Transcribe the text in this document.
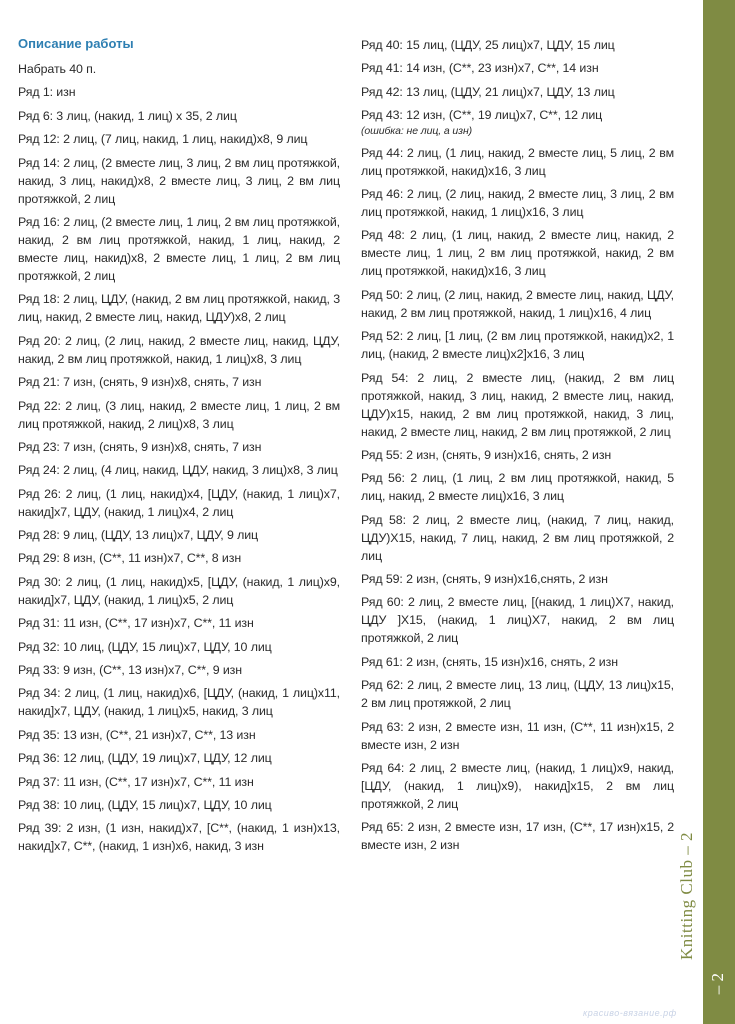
Описание работы
Набрать 40 п.
Ряд 1: изн
Ряд 6: 3 лиц, (накид, 1 лиц) х 35, 2 лиц
Ряд 12: 2 лиц, (7 лиц, накид, 1 лиц, накид)х8, 9 лиц
Ряд 14: 2 лиц, (2 вместе лиц, 3 лиц, 2 вм лиц протяжкой, накид, 3 лиц, накид)х8, 2 вместе лиц, 3 лиц, 2 вм лиц протяжкой, 2 лиц
Ряд 16: 2 лиц, (2 вместе лиц, 1 лиц, 2 вм лиц протяжкой, накид, 2 вм лиц протяжкой, накид, 1 лиц, накид, 2 вместе лиц, накид)х8, 2 вместе лиц, 1 лиц, 2 вм лиц протяжкой, 2 лиц
Ряд 18: 2 лиц, ЦДУ, (накид, 2 вм лиц протяжкой, накид, 3 лиц, накид, 2 вместе лиц, накид, ЦДУ)х8, 2 лиц
Ряд 20: 2 лиц, (2 лиц, накид, 2 вместе лиц, накид, ЦДУ, накид, 2 вм лиц протяжкой, накид, 1 лиц)х8, 3 лиц
Ряд 21: 7 изн, (снять, 9 изн)х8, снять, 7 изн
Ряд 22: 2 лиц, (3 лиц, накид, 2 вместе лиц, 1 лиц, 2 вм лиц протяжкой, накид, 2 лиц)х8, 3 лиц
Ряд 23: 7 изн, (снять, 9 изн)х8, снять, 7 изн
Ряд 24: 2 лиц, (4 лиц, накид, ЦДУ, накид, 3 лиц)х8, 3 лиц
Ряд 26: 2 лиц, (1 лиц, накид)х4, [ЦДУ, (накид, 1 лиц)х7, накид]х7, ЦДУ, (накид, 1 лиц)х4, 2 лиц
Ряд 28: 9 лиц, (ЦДУ, 13 лиц)х7, ЦДУ, 9 лиц
Ряд 29: 8 изн, (С**, 11 изн)х7, С**, 8 изн
Ряд 30: 2 лиц, (1 лиц, накид)х5, [ЦДУ, (накид, 1 лиц)х9, накид]х7, ЦДУ, (накид, 1 лиц)х5, 2 лиц
Ряд 31: 11 изн, (С**, 17 изн)х7, С**, 11 изн
Ряд 32: 10 лиц, (ЦДУ, 15 лиц)х7, ЦДУ, 10 лиц
Ряд 33: 9 изн, (С**, 13 изн)х7, С**, 9 изн
Ряд 34: 2 лиц, (1 лиц, накид)х6, [ЦДУ, (накид, 1 лиц)х11, накид]х7, ЦДУ, (накид, 1 лиц)х5, накид, 3 лиц
Ряд 35: 13 изн, (С**, 21 изн)х7, С**, 13 изн
Ряд 36: 12 лиц, (ЦДУ, 19 лиц)х7, ЦДУ, 12 лиц
Ряд 37: 11 изн, (С**, 17 изн)х7, С**, 11 изн
Ряд 38: 10 лиц, (ЦДУ, 15 лиц)х7, ЦДУ, 10 лиц
Ряд 39: 2 изн, (1 изн, накид)х7, [С**, (накид, 1 изн)х13, накид]х7, С**, (накид, 1 изн)х6, накид, 3 изн
Ряд 40: 15 лиц, (ЦДУ, 25 лиц)х7, ЦДУ, 15 лиц
Ряд 41: 14 изн, (С**, 23 изн)х7, С**, 14 изн
Ряд 42: 13 лиц, (ЦДУ, 21 лиц)х7, ЦДУ, 13 лиц
Ряд 43: 12 изн, (С**, 19 лиц)х7, С**, 12 лиц
(ошибка: не лиц, а изн)
Ряд 44: 2 лиц, (1 лиц, накид, 2 вместе лиц, 5 лиц, 2 вм лиц протяжкой, накид)х16, 3 лиц
Ряд 46: 2 лиц, (2 лиц, накид, 2 вместе лиц, 3 лиц, 2 вм лиц протяжкой, накид, 1 лиц)х16, 3 лиц
Ряд 48: 2 лиц, (1 лиц, накид, 2 вместе лиц, накид, 2 вместе лиц, 1 лиц, 2 вм лиц протяжкой, накид, 2 вм лиц протяжкой, накид)х16, 3 лиц
Ряд 50: 2 лиц, (2 лиц, накид, 2 вместе лиц, накид, ЦДУ, накид, 2 вм лиц протяжкой, накид, 1 лиц)х16, 4 лиц
Ряд 52: 2 лиц, [1 лиц, (2 вм лиц протяжкой, накид)х2, 1 лиц, (накид, 2 вместе лиц)х2]х16, 3 лиц
Ряд 54: 2 лиц, 2 вместе лиц, (накид, 2 вм лиц протяжкой, накид, 3 лиц, накид, 2 вместе лиц, накид, ЦДУ)х15, накид, 2 вм лиц протяжкой, накид, 3 лиц, накид, 2 вместе лиц, накид, 2 вм лиц протяжкой, 2 лиц
Ряд 55: 2 изн, (снять, 9 изн)х16, снять, 2 изн
Ряд 56: 2 лиц, (1 лиц, 2 вм лиц протяжкой, накид, 5 лиц, накид, 2 вместе лиц)х16, 3 лиц
Ряд 58: 2 лиц, 2 вместе лиц, (накид, 7 лиц, накид, ЦДУ)Х15, накид, 7 лиц, накид, 2 вм лиц протяжкой, 2 лиц
Ряд 59: 2 изн, (снять, 9 изн)х16,снять, 2 изн
Ряд 60: 2 лиц, 2 вместе лиц, [(накид, 1 лиц)Х7, накид, ЦДУ ]Х15, (накид, 1 лиц)Х7, накид, 2 вм лиц протяжкой, 2 лиц
Ряд 61: 2 изн, (снять, 15 изн)х16, снять, 2 изн
Ряд 62: 2 лиц, 2 вместе лиц, 13 лиц, (ЦДУ, 13 лиц)х15, 2 вм лиц протяжкой, 2 лиц
Ряд 63: 2 изн, 2 вместе изн, 11 изн, (С**, 11 изн)х15, 2 вместе изн, 2 изн
Ряд 64: 2 лиц, 2 вместе лиц, (накид, 1 лиц)х9, накид, [ЦДУ, (накид, 1 лиц)х9), накид]х15, 2 вм лиц протяжкой, 2 лиц
Ряд 65: 2 изн, 2 вместе изн, 17 изн, (С**, 17 изн)х15, 2 вместе изн, 2 изн
Knitting Club – 2
– 2
красиво-вязание.рф
